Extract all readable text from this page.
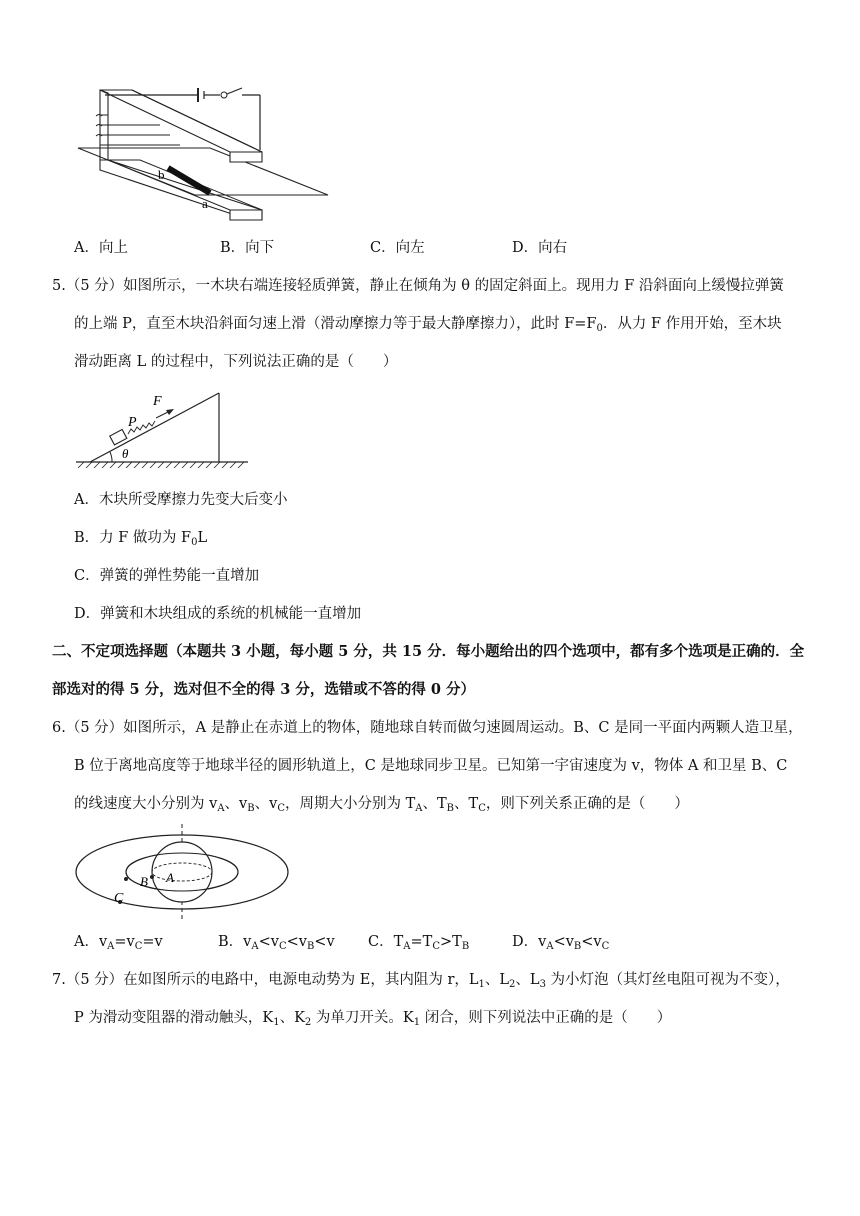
b
a
A．向上	B．向下	C．向左	D．向右
5.（5 分）如图所示，一木块右端连接轻质弹簧，静止在倾角为 θ 的固定斜面上。现用力 F 沿斜面向上缓慢拉弹簧
的上端 P，直至木块沿斜面匀速上滑（滑动摩擦力等于最大静摩擦力），此时 $F=F_0$．从力 F 作用开始，至木块
滑动距离 L 的过程中，下列说法正确的是（　　）
P
F
θ
A．木块所受摩擦力先变大后变小
B．力 F 做功为 $F_0L$
C．弹簧的弹性势能一直增加
D．弹簧和木块组成的系统的机械能一直增加
二、不定项选择题（本题共 3 小题，每小题 5 分，共 15 分．每小题给出的四个选项中，都有多个选项是正确的．全
部选对的得 5 分，选对但不全的得 3 分，选错或不答的得 0 分）
6.（5 分）如图所示，A 是静止在赤道上的物体，随地球自转而做匀速圆周运动。B、C 是同一平面内两颗人造卫星，
B 位于离地高度等于地球半径的圆形轨道上，C 是地球同步卫星。已知第一宇宙速度为 v，物体 A 和卫星 B、C
的线速度大小分别为 $v_A$、$v_B$、$v_C$，周期大小分别为 $T_A$、$T_B$、$T_C$，则下列关系正确的是（　　）
A
B
C
A．$v_A=v_C=v$	B．$v_A<v_C<v_B<v$ C．$T_A=T_C>T_B$	D．$v_A<v_B<v_C$
7.（5 分）在如图所示的电路中，电源电动势为 E，其内阻为 r，$L_1$、$L_2$、$L_3$ 为小灯泡（其灯丝电阻可视为不变），
P 为滑动变阻器的滑动触头，$K_1$、$K_2$ 为单刀开关。$K_1$ 闭合，则下列说法中正确的是（　　）
